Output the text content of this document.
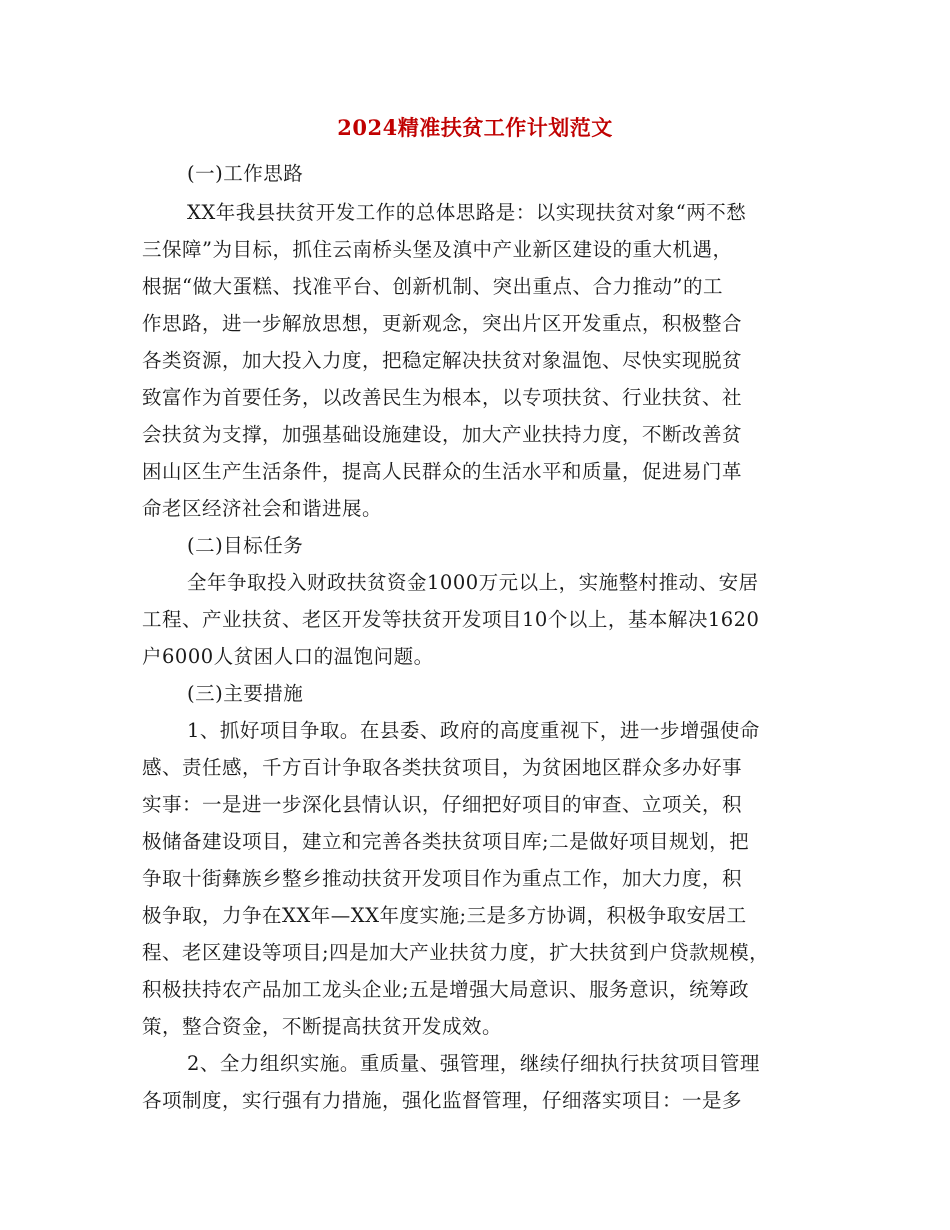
2024精准扶贫工作计划范文
(一)工作思路
XX年我县扶贫开发工作的总体思路是：以实现扶贫对象“两不愁
三保障”为目标，抓住云南桥头堡及滇中产业新区建设的重大机遇，
根据“做大蛋糕、找准平台、创新机制、突出重点、合力推动”的工
作思路，进一步解放思想，更新观念，突出片区开发重点，积极整合
各类资源，加大投入力度，把稳定解决扶贫对象温饱、尽快实现脱贫
致富作为首要任务，以改善民生为根本，以专项扶贫、行业扶贫、社
会扶贫为支撑，加强基础设施建设，加大产业扶持力度，不断改善贫
困山区生产生活条件，提高人民群众的生活水平和质量，促进易门革
命老区经济社会和谐进展。
(二)目标任务
全年争取投入财政扶贫资金1000万元以上，实施整村推动、安居
工程、产业扶贫、老区开发等扶贫开发项目10个以上，基本解决1620
户6000人贫困人口的温饱问题。
(三)主要措施
1、抓好项目争取。在县委、政府的高度重视下，进一步增强使命
感、责任感，千方百计争取各类扶贫项目，为贫困地区群众多办好事
实事：一是进一步深化县情认识，仔细把好项目的审查、立项关，积
极储备建设项目，建立和完善各类扶贫项目库;二是做好项目规划，把
争取十街彝族乡整乡推动扶贫开发项目作为重点工作，加大力度，积
极争取，力争在XX年—XX年度实施;三是多方协调，积极争取安居工
程、老区建设等项目;四是加大产业扶贫力度，扩大扶贫到户贷款规模，
积极扶持农产品加工龙头企业;五是增强大局意识、服务意识，统筹政
策，整合资金，不断提高扶贫开发成效。
2、全力组织实施。重质量、强管理，继续仔细执行扶贫项目管理
各项制度，实行强有力措施，强化监督管理，仔细落实项目：一是多
